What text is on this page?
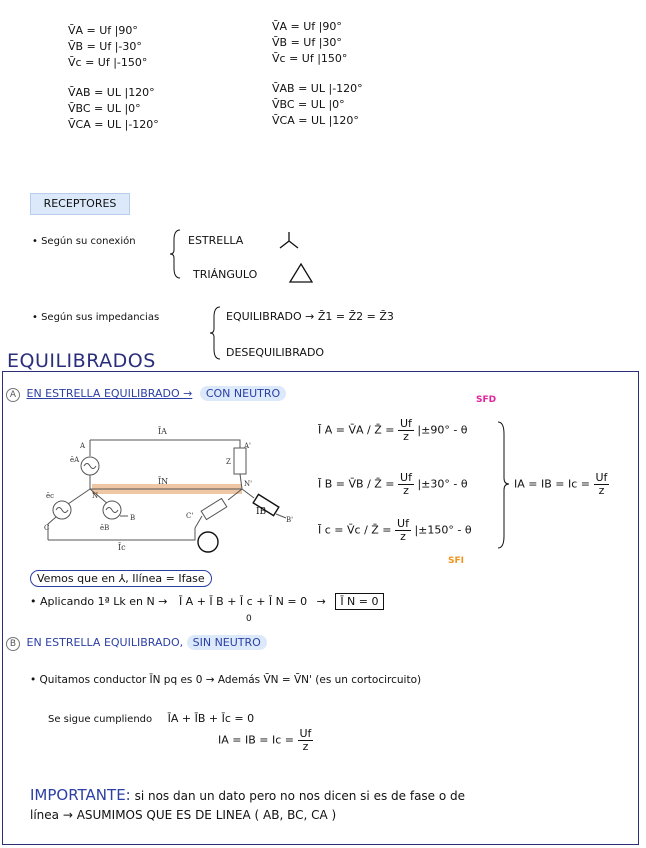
V̄A = Uf |90°
V̄B = Uf |-30°
V̄c = Uf |-150°
V̄AB = UL |120°
V̄BC = UL |0°
V̄CA = UL |-120°
V̄A = Uf |90°
V̄B = Uf |30°
V̄c = Uf |150°
V̄AB = UL |-120°
V̄BC = UL |0°
V̄CA = UL |120°
RECEPTORES
• Según su conexión	ESTRELLA
TRIÁNGULO
• Según sus impedancias	EQUILIBRADO → Z̄1 = Z̄2 = Z̄3
DESEQUILIBRADO
EQUILIBRADOS
A EN ESTRELLA EQUILIBRADO → CON NEUTRO
ĪA
ĪN
ĪB
Īc
ēA
ēB
ēc
A	A'
B	B'
C
C'
N
N'
Z
SFD
Ī A = V̄A / Z̄ = $\frac{Uf}{z} |\pm 90^\circ - \theta$
Ī B = V̄B / Z̄ = $\frac{Uf}{z} |\pm 30^\circ - \theta$
Ī c = V̄c / Z̄ = $\frac{Uf}{z} |\pm 150^\circ - \theta$
SFI
IA = IB = $Ic = \frac{Uf}{z}$
Vemos que en ⅄, Ilínea = Ifase
• Aplicando 1ª Lk en N → Ī A + Ī B + Ī c + Ī N = 0 → Ī N = 0
0
B EN ESTRELLA EQUILIBRADO, SIN NEUTRO
• Quitamos conductor ĪN pq es 0 → Además V̄N = V̄N' (es un cortocircuito)
Se sigue cumpliendo ĪA + ĪB + Īc = 0
IA = IB = $Ic = \frac{Uf}{z}$
IMPORTANTE: si nos dan un dato pero no nos dicen si es de fase o de
línea → ASUMIMOS QUE ES DE LINEA ( AB, BC, CA )
